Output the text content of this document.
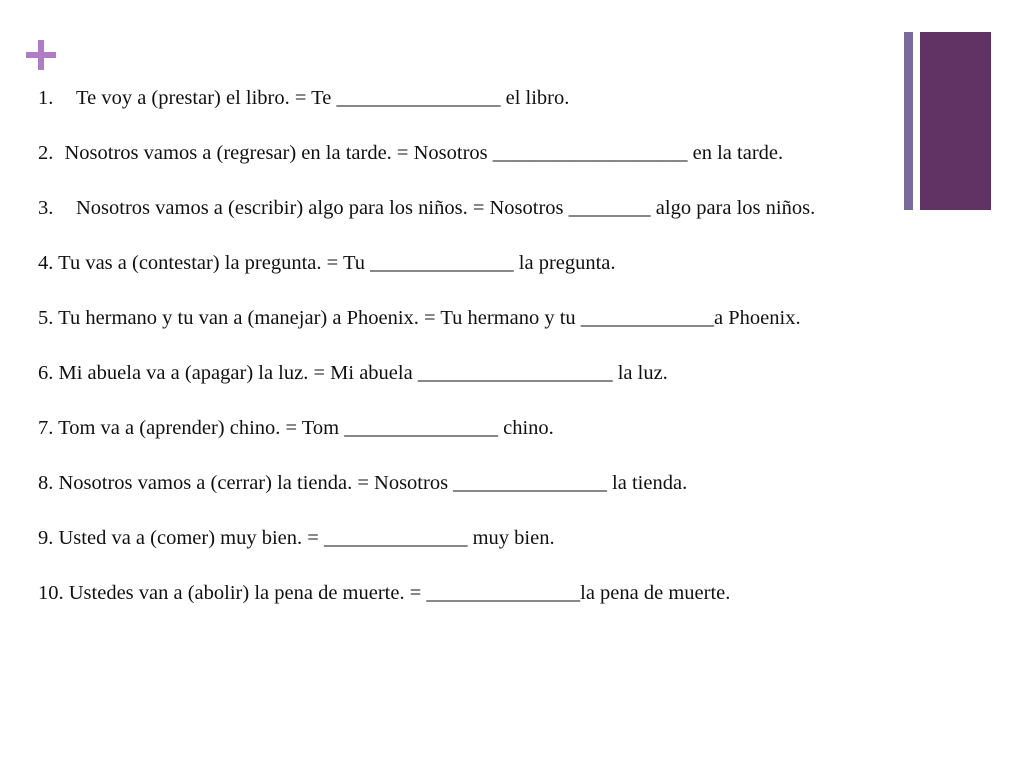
1. Te voy a (prestar) el libro. = Te ________________ el libro.
2. Nosotros vamos a (regresar) en la tarde. = Nosotros ___________________ en la tarde.
3. Nosotros vamos a (escribir) algo para los niños. = Nosotros ________ algo para los niños.
4. Tu vas a (contestar) la pregunta. = Tu ______________ la pregunta.
5. Tu hermano y tu van a (manejar) a Phoenix. = Tu hermano y tu _____________a Phoenix.
6. Mi abuela va a (apagar) la luz. = Mi abuela ___________________ la luz.
7. Tom va a (aprender) chino. = Tom _______________ chino.
8. Nosotros vamos a (cerrar) la tienda. = Nosotros _______________ la tienda.
9. Usted va a (comer) muy bien. = ______________ muy bien.
10. Ustedes van a (abolir) la pena de muerte. = _______________la pena de muerte.
